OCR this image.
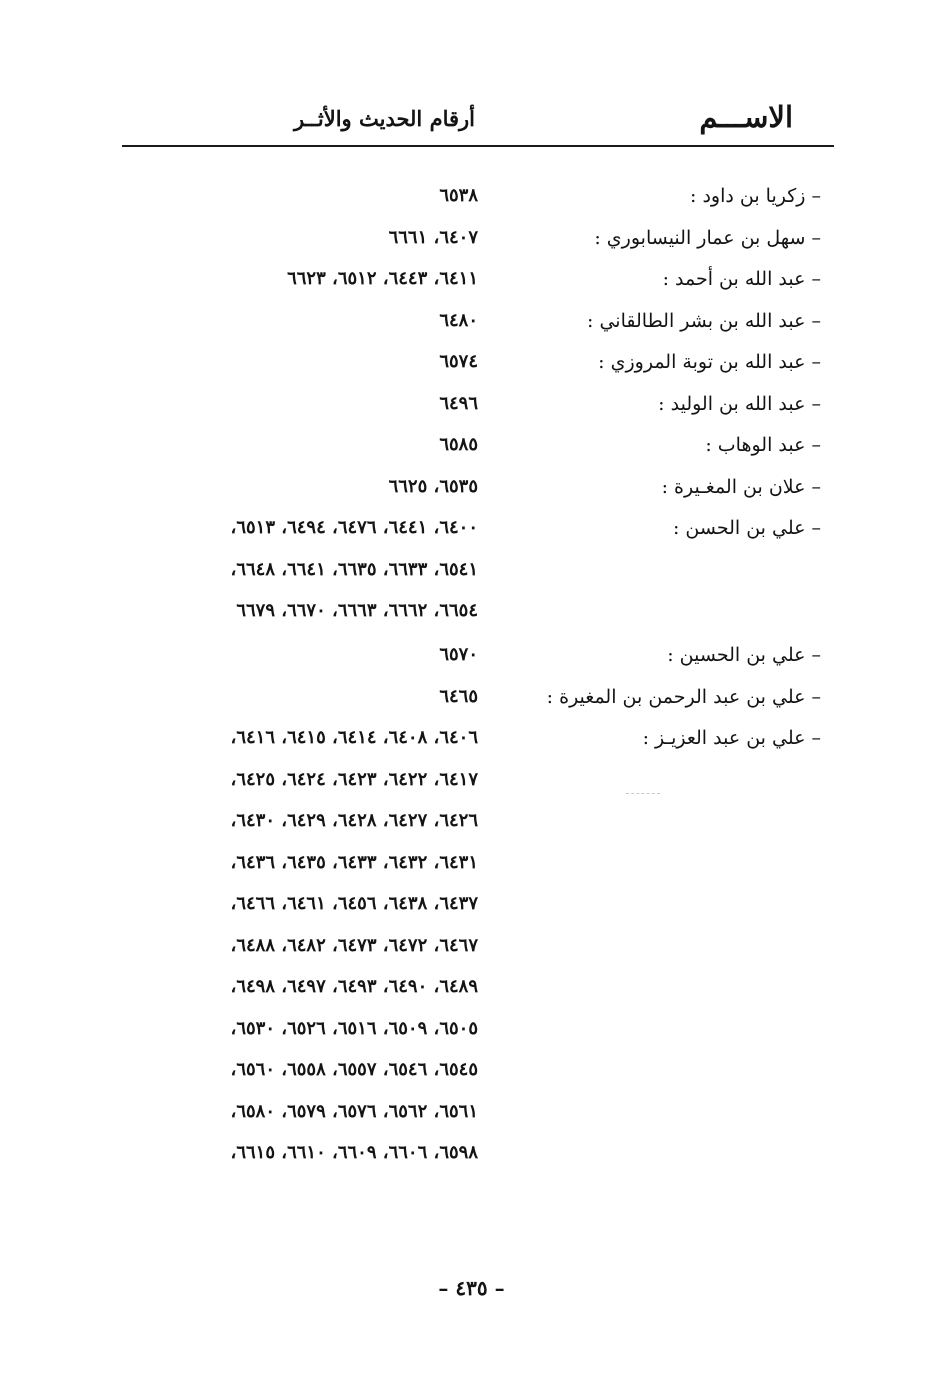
الاســـم
أرقام الحديث والأثــر
– زكريا بن داود :
٦٥٣٨
– سهل بن عمار النيسابوري :
٦٤٠٧، ٦٦٦١
– عبد الله بن أحمد :
٦٤١١، ٦٤٤٣، ٦٥١٢، ٦٦٢٣
– عبد الله بن بشر الطالقاني :
٦٤٨٠
– عبد الله بن توبة المروزي :
٦٥٧٤
– عبد الله بن الوليد :
٦٤٩٦
– عبد الوهاب :
٦٥٨٥
– علان بن المغـيرة :
٦٥٣٥، ٦٦٢٥
– علي بن الحسن :
٦٤٠٠، ٦٤٤١، ٦٤٧٦، ٦٤٩٤، ٦٥١٣،
٦٥٤١، ٦٦٣٣، ٦٦٣٥، ٦٦٤١، ٦٦٤٨،
٦٦٥٤، ٦٦٦٢، ٦٦٦٣، ٦٦٧٠، ٦٦٧٩
– علي بن الحسين :
٦٥٧٠
– علي بن عبد الرحمن بن المغيرة :
٦٤٦٥
– علي بن عبد العزيـز :
٦٤٠٦، ٦٤٠٨، ٦٤١٤، ٦٤١٥، ٦٤١٦،
٦٤١٧، ٦٤٢٢، ٦٤٢٣، ٦٤٢٤، ٦٤٢٥،
٦٤٢٦، ٦٤٢٧، ٦٤٢٨، ٦٤٢٩، ٦٤٣٠،
٦٤٣١، ٦٤٣٢، ٦٤٣٣، ٦٤٣٥، ٦٤٣٦،
٦٤٣٧، ٦٤٣٨، ٦٤٥٦، ٦٤٦١، ٦٤٦٦،
٦٤٦٧، ٦٤٧٢، ٦٤٧٣، ٦٤٨٢، ٦٤٨٨،
٦٤٨٩، ٦٤٩٠، ٦٤٩٣، ٦٤٩٧، ٦٤٩٨،
٦٥٠٥، ٦٥٠٩، ٦٥١٦، ٦٥٢٦، ٦٥٣٠،
٦٥٤٥، ٦٥٤٦، ٦٥٥٧، ٦٥٥٨، ٦٥٦٠،
٦٥٦١، ٦٥٦٢، ٦٥٧٦، ٦٥٧٩، ٦٥٨٠،
٦٥٩٨، ٦٦٠٦، ٦٦٠٩، ٦٦١٠، ٦٦١٥،
– ٤٣٥ –
